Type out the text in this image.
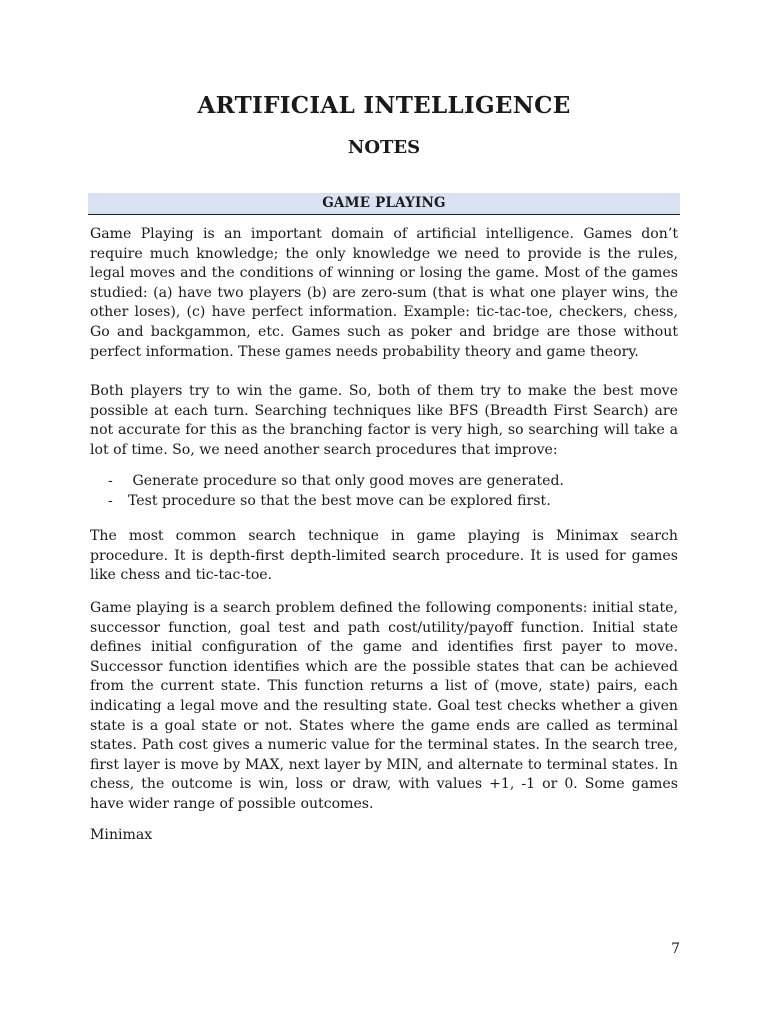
ARTIFICIAL INTELLIGENCE
NOTES
GAME PLAYING

Game Playing is an important domain of artificial intelligence. Games don’t require much knowledge; the only knowledge we need to provide is the rules, legal moves and the conditions of winning or losing the game. Most of the games studied: (a) have two players (b) are zero-sum (that is what one player wins, the other loses), (c) have perfect information. Example: tic-tac-toe, checkers, chess, Go and backgammon, etc. Games such as poker and bridge are those without perfect information. These games needs probability theory and game theory.

Both players try to win the game. So, both of them try to make the best move possible at each turn. Searching techniques like BFS (Breadth First Search) are not accurate for this as the branching factor is very high, so searching will take a lot of time. So, we need another search procedures that improve:

-	Generate procedure so that only good moves are generated.
-	Test procedure so that the best move can be explored first.

The most common search technique in game playing is Minimax search procedure. It is depth-first depth-limited search procedure. It is used for games like chess and tic-tac-toe.

Game playing is a search problem defined the following components: initial state, successor function, goal test and path cost/utility/payoff function. Initial state defines initial configuration of the game and identifies first payer to move. Successor function identifies which are the possible states that can be achieved from the current state. This function returns a list of (move, state) pairs, each indicating a legal move and the resulting state. Goal test checks whether a given state is a goal state or not. States where the game ends are called as terminal states. Path cost gives a numeric value for the terminal states. In the search tree, first layer is move by MAX, next layer by MIN, and alternate to terminal states. In chess, the outcome is win, loss or draw, with values +1, -1 or 0. Some games have wider range of possible outcomes.

Minimax

7
